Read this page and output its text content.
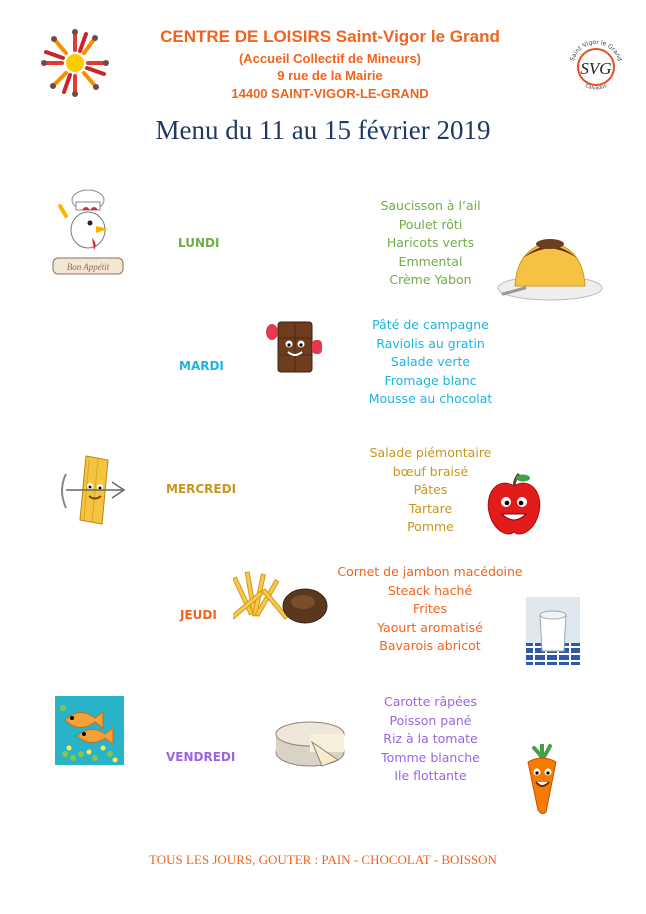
CENTRE DE LOISIRS Saint-Vigor le Grand
(Accueil Collectif de Mineurs)
9 rue de la Mairie
14400 SAINT-VIGOR-LE-GRAND
Saint Vigor le Grand
SVG
Calvados
Menu du 11 au 15 février 2019
Bon Appétit
LUNDI
Saucisson à l’ail
Poulet rôti
Haricots verts
Emmental
Crème Yabon
MARDI
Pâté de campagne
Raviolis au gratin
Salade verte
Fromage blanc
Mousse au chocolat
MERCREDI
Salade piémontaire
bœuf braisé
Pâtes
Tartare
Pomme
JEUDI
Cornet de jambon macédoine
Steack haché
Frites
Yaourt aromatisé
Bavarois abricot
VENDREDI
Carotte râpées
Poisson pané
Riz à la tomate
Tomme blanche
Ile flottante
TOUS LES JOURS, GOUTER : PAIN - CHOCOLAT - BOISSON
